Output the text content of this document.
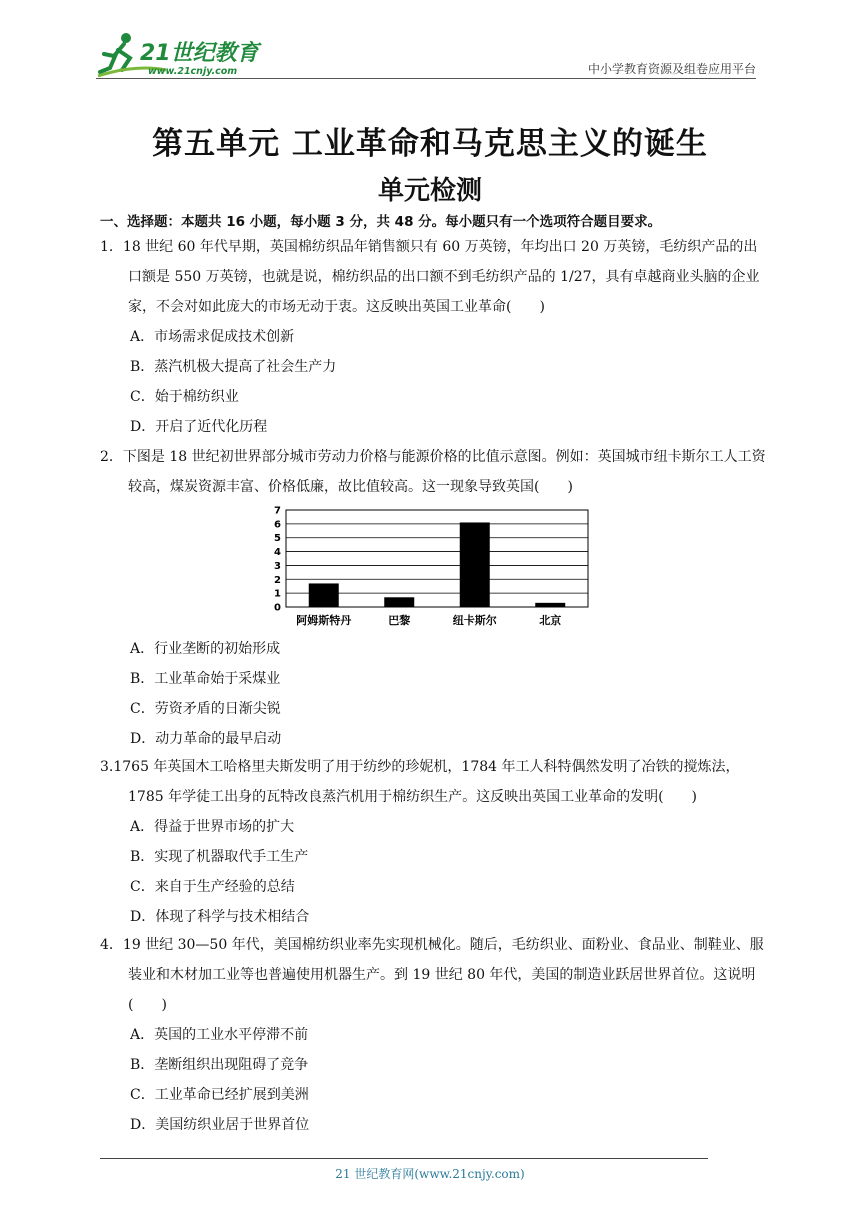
21世纪教育
www.21cnjy.com	中小学教育资源及组卷应用平台
第五单元 工业革命和马克思主义的诞生
单元检测
一、选择题：本题共 16 小题，每小题 3 分，共 48 分。每小题只有一个选项符合题目要求。
1．18 世纪 60 年代早期，英国棉纺织品年销售额只有 60 万英镑，年均出口 20 万英镑，毛纺织产品的出口额是 550 万英镑，也就是说，棉纺织品的出口额不到毛纺织产品的 1/27，具有卓越商业头脑的企业家，不会对如此庞大的市场无动于衷。这反映出英国工业革命(　　)
A．市场需求促成技术创新
B．蒸汽机极大提高了社会生产力
C．始于棉纺织业
D．开启了近代化历程
2．下图是 18 世纪初世界部分城市劳动力价格与能源价格的比值示意图。例如：英国城市纽卡斯尔工人工资较高，煤炭资源丰富、价格低廉，故比值较高。这一现象导致英国(　　)
0
1
2
3
4
5
6
7
阿姆斯特丹	巴黎	纽卡斯尔	北京
A．行业垄断的初始形成
B．工业革命始于采煤业
C．劳资矛盾的日渐尖锐
D．动力革命的最早启动
3.1765 年英国木工哈格里夫斯发明了用于纺纱的珍妮机，1784 年工人科特偶然发明了冶铁的搅炼法，1785 年学徒工出身的瓦特改良蒸汽机用于棉纺织生产。这反映出英国工业革命的发明(　　)
A．得益于世界市场的扩大
B．实现了机器取代手工生产
C．来自于生产经验的总结
D．体现了科学与技术相结合
4．19 世纪 30—50 年代，美国棉纺织业率先实现机械化。随后，毛纺织业、面粉业、食品业、制鞋业、服装业和木材加工业等也普遍使用机器生产。到 19 世纪 80 年代，美国的制造业跃居世界首位。这说明(　　)
A．英国的工业水平停滞不前
B．垄断组织出现阻碍了竞争
C．工业革命已经扩展到美洲
D．美国纺织业居于世界首位
21 世纪教育网(www.21cnjy.com)
